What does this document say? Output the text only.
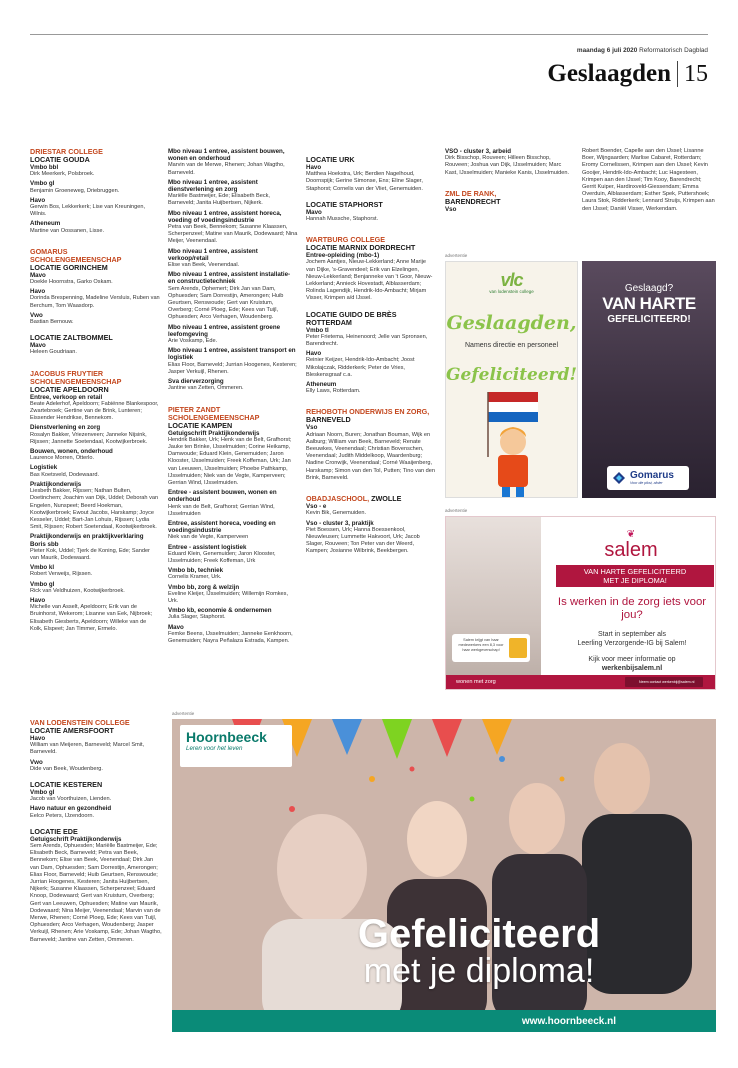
maandag 6 juli 2020 Reformatorisch Dagblad
Geslaagden 15
DRIESTAR COLLEGE
LOCATIE GOUDA
Vmbo bbl
Dirk Meerkerk, Polsbroek.
Vmbo gl
Benjamin Groeneweg, Driebruggen.
Havo
Gerwin Bos, Lekkerkerk; Lise van Kreuningen, Wilnis.
Atheneum
Martine van Oossanen, Lisse.
GOMARUS SCHOLENGEMEENSCHAP
LOCATIE GORINCHEM
Mavo
Doekle Hoornstra, Garko Oskam.
Havo
Dorinda Brespenning, Madeline Versluis, Ruben van Berchum, Tom Waasdorp.
Vwo
Bastian Bernouw.
LOCATIE ZALTBOMMEL
Mavo
Heleen Goudriaan.
JACOBUS FRUYTIER SCHOLENGEMEENSCHAP
LOCATIE APELDOORN
Entree, verkoop en retail
Beate Adelerhof, Apeldoorn; Fabiënne Blankespoor, Zwartebroek; Gertine van de Brink, Lunteren; Eissender Hendrikse, Bennekom.
Dienstverlening en zorg
Rosalyn Bakker, Vriezenveen; Janneke Nijsink, Rijssen; Jannette Soetendaal, Kootwijkerbroek.
Bouwen, wonen, onderhoud
Laurence Morren, Otterlo.
Logistiek
Bas Koetsveld, Dodewaard.
Praktijkonderwijs
Liesbeth Bakker, Rijssen; Nathan Bulten, Doetinchem; Joachim van Dijk, Uddel; Deborah van Engelen, Nunspeet; Beerd Hoekman, Kootwijkerbroek; Ewout Jacobs, Harskamp; Joyce Kesseler, Uddel; Bart-Jan Lohuis, Rijssen; Lydia Smit, Rijssen; Robert Soetendaal, Kootwijkerbroek.
Praktijkonderwijs en praktijkverklaring Boris sbb
Pieter Kok, Uddel; Tjerk de Koning, Ede; Sander van Maurik, Dodewaard.
Vmbo kl
Robert Verweijs, Rijssen.
Vmbo gl
Rick van Veldhuizen, Kootwijkerbroek.
Havo
Michelle van Asselt, Apeldoorn; Erik van de Bruinhorst, Wekerom; Lisanne van Eek, Nijbroek; Elisabeth Giesberts, Apeldoorn; Willeke van de Kolk, Elspeet; Jan Timmer, Ermelo.
Mbo niveau 1 entree, assistent bouwen, wonen en onderhoud
Marvin van de Merwe, Rhenen; Johan Wagtho, Barneveld.
Mbo niveau 1 entree, assistent dienstverlening en zorg
Mariëlle Bastmeijer, Ede; Elisabeth Beck, Barneveld; Janita Huijbertsen, Nijkerk.
Mbo niveau 1 entree, assistent horeca, voeding of voedingsindustrie
Petra van Beek, Bennekom; Susanne Klaassen, Scherpenzeel; Matine van Maurik, Dodewaard; Nina Meijer, Veenendaal.
Mbo niveau 1 entree, assistent verkoop/retail
Elise van Beek, Veenendaal.
Mbo niveau 1 entree, assistent installatie- en constructietechniek
Sem Arends, Ophemert; Dirk Jan van Dam, Ophuesden; Sam Dorrestijn, Amerongen; Huib Geurtsen, Renswoude; Gert van Kruistum, Overberg; Corné Ploeg, Ede; Kees van Tuijl, Ophuesden; Arco Verhagen, Woudenberg.
Mbo niveau 1 entree, assistent groene leefomgeving
Arie Voskamp, Ede.
Mbo niveau 1 entree, assistent transport en logistiek
Elias Floor, Barneveld; Jurrian Hoogenes, Kesteren; Jasper Verkuijl, Rhenen.
Sva dierverzorging
Jantine van Zetten, Ommeren.
PIETER ZANDT SCHOLENGEMEENSCHAP
LOCATIE KAMPEN
Getuigschrift Praktijkonderwijs
Hendrik Bakker, Urk; Henk van de Belt, Grafhorst; Jauke ten Brinke, IJsselmuiden; Corine Heikamp, Damwoude; Eduard Klein, Genemuiden; Jaron Klooster, IJsselmuiden; Freek Koffeman, Urk; Jan van Leeuwen, IJsselmuiden; Phoebe Pathkamp, IJsselmuiden; Niek van de Vegte, Kamperveen; Gerrian Wind, IJsselmuiden.
Entree - assistent bouwen, wonen en onderhoud
Henk van de Belt, Grafhorst; Gerrian Wind, IJsselmuiden
Entree, assistent horeca, voeding en voedingsindustrie
Niek van de Vegte, Kamperveen
Entree - assistent logistiek
Eduard Klein, Genemuiden; Jaron Klooster, IJsselmuiden; Freek Koffeman, Urk
Vmbo bb, techniek
Cornelis Kramer, Urk.
Vmbo bb, zorg & welzijn
Eveline Kleijer, IJsselmuiden; Willemijn Romkes, Urk.
Vmbo kb, economie & ondernemen
Julia Slager, Staphorst.
Mavo
Femke Beens, IJsselmuiden; Janneke Eenkhoorn, Genemuiden; Nayra Peñalaza Estrada, Kampen.
LOCATIE URK
Havo
Matthea Hoekstra, Urk; Berdien Nagelhoud, Doornspijk; Gerine Simonse, Ens; Eline Slager, Staphorst; Cornelis van der Vliet, Genemuiden.
LOCATIE STAPHORST
Mavo
Hannah Mussche, Staphorst.
WARTBURG COLLEGE
LOCATIE MARNIX DORDRECHT
Entree-opleiding (mbo-1)
Jochem Aantjes, Nieuw-Lekkerland; Anne Marije van Dijke, 's-Gravendeel; Erik van Elzelingen, Nieuw-Lekkerland; Benjanneke van 't Goor, Nieuw-Lekkerland; Annieck Hovestadt, Alblasserdam; Rolinda Lagendijk, Hendrik-Ido-Ambacht; Mirjam Visser, Krimpen a/d IJssel.
LOCATIE GUIDO DE BRÈS ROTTERDAM
Vmbo tl
Peter Frietema, Heinenoord; Jelle van Spronsen, Barendrecht.
Havo
Reinier Keijzer, Hendrik-Ido-Ambacht; Joost Mikolajczak, Ridderkerk; Peter de Vries, Bleskensgraaf c.a.
Atheneum
Elly Laws, Rotterdam.
REHOBOTH ONDERWIJS EN ZORG, BARNEVELD
Vso
Adriaan Noorn, Buren; Jonathan Bouman, Wijk en Aalburg; William van Beek, Barneveld; Renate Beeuwkes, Veenendaal; Christian Bovenschen, Veenendaal; Judith Middelkoop, Waardenburg; Nadine Cronwijk, Veenendaal; Corné Waaijenberg, Harskamp; Simon van den Tol, Putten; Tino van den Brink, Barneveld.
OBADJASCHOOL, ZWOLLE
Vso - e
Kevin Bik, Genemuiden.
Vso - cluster 3, praktijk
Piet Boessen, Urk; Hanna Boessenkool, Nieuwleusen; Lummette Hakvoort, Urk; Jacob Slager, Rouveen; Ton Peter van der Weerd, Kampen; Josianne Wilbrink, Beekbergen.
VSO - cluster 3, arbeid
Dirk Bisschop, Rouveen; Hilleen Bisschop, Rouveen; Joshua van Dijk, IJsselmuiden; Marc Kast, IJsselmuiden; Manieke Kanis, IJsselmuiden.
ZML DE RANK,
BARENDRECHT
Vso
Robert Boender, Capelle aan den IJssel; Lisanne Boer, Wijngaarden; Marlise Cabaret, Rotterdam; Eromy Cornelissen, Krimpen aan den IJssel; Kevin Gooijer, Hendrik-Ido-Ambacht; Luc Hagesteen, Krimpen aan den IJssel; Tim Kooy, Barendrecht; Gerrit Kuiper, Hardinxveld-Giessendam; Emma Overduin, Alblasserdam; Esther Spek, Puttershoek; Laura Stok, Ridderkerk; Lennard Struijs, Krimpen aan den IJssel; Daniël Visser, Werkendam.
VAN LODENSTEIN COLLEGE
LOCATIE AMERSFOORT
Havo
William van Meijeren, Barneveld; Marcel Smit, Barneveld.
Vwo
Dide van Beek, Woudenberg.
LOCATIE KESTEREN
Vmbo gl
Jacob van Voorthuizen, Lienden.
Havo natuur en gezondheid
Eelco Peters, IJzendoorn.
LOCATIE EDE
Getuigschrift Praktijkonderwijs
Sem Arends, Ophuesden; Mariëlle Bastmeijer, Ede; Elisabeth Beck, Barneveld; Petra van Beek, Bennekom; Elise van Beek, Veenendaal; Dirk Jan van Dam, Ophuesden; Sam Dorrestijn, Amerongen; Elias Floor, Barneveld; Huib Geurtsen, Renswoude; Jurrian Hoogenes, Kesteren; Janita Huijbertsen, Nijkerk; Susanne Klaassen, Scherpenzeel; Eduard Knoop, Dodewaard; Gert van Kruistum, Overberg; Gert van Leeuwen, Ophuesden; Matine van Maurik, Dodewaard; Nina Meijer, Veenendaal; Marvin van de Merwe, Rhenen; Corné Ploeg, Ede; Kees van Tuijl, Ophuesden; Arco Verhagen, Woudenberg; Jasper Verkuijl, Rhenen; Arie Voskamp, Ede; Johan Wagtho, Barneveld; Jantine van Zetten, Ommeren.
advertentie
vlc
van lodenstein college
Geslaagden,
Namens directie en personeel
Gefeliciteerd!
Geslaagd?
VAN HARTE
GEFELICITEERD!
Gomarus
Voor die pikst, afoler
advertentie
Salem krijgt van haar medewerkers een 8,3 voor haar werkgeverschap!
❦
salem
VAN HARTE GEFELICITEERD
MET JE DIPLOMA!
Is werken in de zorg iets voor jou?
Start in september als
Leerling Verzorgende-IG bij Salem!
Kijk voor meer informatie op
werkenbijsalem.nl
wonen met zorg	Neem contact werkenbij@salem.nl
advertentie
Hoornbeeck
Leren voor het leven
Gefeliciteerd
met je diploma!
www.hoornbeeck.nl
